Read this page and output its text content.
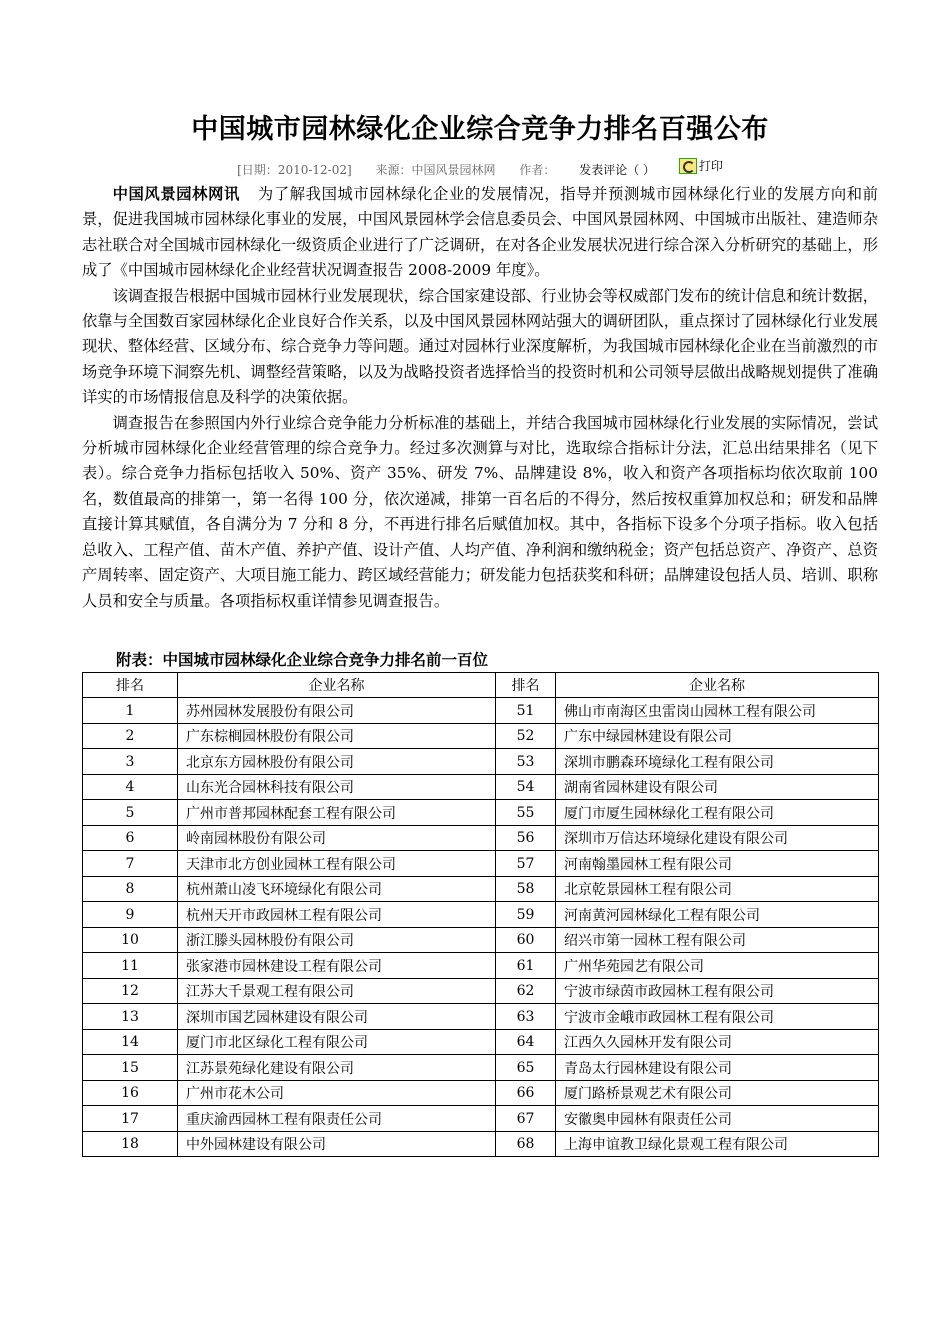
中国城市园林绿化企业综合竞争力排名百强公布
[日期：2010-12-02] 来源：中国风景园林网 作者： 发表评论（ ）	打印

中国风景园林网讯 为了解我国城市园林绿化企业的发展情况，指导并预测城市园林绿化行业的发展方向和前景，促进我国城市园林绿化事业的发展，中国风景园林学会信息委员会、中国风景园林网、中国城市出版社、建造师杂志社联合对全国城市园林绿化一级资质企业进行了广泛调研，在对各企业发展状况进行综合深入分析研究的基础上，形成了《中国城市园林绿化企业经营状况调查报告 2008-2009 年度》。

该调查报告根据中国城市园林行业发展现状，综合国家建设部、行业协会等权威部门发布的统计信息和统计数据，依靠与全国数百家园林绿化企业良好合作关系，以及中国风景园林网站强大的调研团队，重点探讨了园林绿化行业发展现状、整体经营、区域分布、综合竞争力等问题。通过对园林行业深度解析，为我国城市园林绿化企业在当前激烈的市场竞争环境下洞察先机、调整经营策略，以及为战略投资者选择恰当的投资时机和公司领导层做出战略规划提供了准确详实的市场情报信息及科学的决策依据。

调查报告在参照国内外行业综合竞争能力分析标准的基础上，并结合我国城市园林绿化行业发展的实际情况，尝试分析城市园林绿化企业经营管理的综合竞争力。经过多次测算与对比，选取综合指标计分法，汇总出结果排名（见下表）。综合竞争力指标包括收入 50%、资产 35%、研发 7%、品牌建设 8%，收入和资产各项指标均依次取前 100 名，数值最高的排第一，第一名得 100 分，依次递减，排第一百名后的不得分，然后按权重算加权总和；研发和品牌直接计算其赋值，各自满分为 7 分和 8 分，不再进行排名后赋值加权。其中，各指标下设多个分项子指标。收入包括总收入、工程产值、苗木产值、养护产值、设计产值、人均产值、净利润和缴纳税金；资产包括总资产、净资产、总资产周转率、固定资产、大项目施工能力、跨区域经营能力；研发能力包括获奖和科研；品牌建设包括人员、培训、职称人员和安全与质量。各项指标权重详情参见调查报告。

附表：中国城市园林绿化企业综合竞争力排名前一百位
排名	企业名称	排名	企业名称
1	苏州园林发展股份有限公司	51	佛山市南海区虫雷岗山园林工程有限公司
2	广东棕榈园林股份有限公司	52	广东中绿园林建设有限公司
3	北京东方园林股份有限公司	53	深圳市鹏森环境绿化工程有限公司
4	山东光合园林科技有限公司	54	湖南省园林建设有限公司
5	广州市普邦园林配套工程有限公司	55	厦门市厦生园林绿化工程有限公司
6	岭南园林股份有限公司	56	深圳市万信达环境绿化建设有限公司
7	天津市北方创业园林工程有限公司	57	河南翰墨园林工程有限公司
8	杭州萧山凌飞环境绿化有限公司	58	北京乾景园林工程有限公司
9	杭州天开市政园林工程有限公司	59	河南黄河园林绿化工程有限公司
10	浙江滕头园林股份有限公司	60	绍兴市第一园林工程有限公司
11	张家港市园林建设工程有限公司	61	广州华苑园艺有限公司
12	江苏大千景观工程有限公司	62	宁波市绿茵市政园林工程有限公司
13	深圳市国艺园林建设有限公司	63	宁波市金峨市政园林工程有限公司
14	厦门市北区绿化工程有限公司	64	江西久久园林开发有限公司
15	江苏景苑绿化建设有限公司	65	青岛太行园林建设有限公司
16	广州市花木公司	66	厦门路桥景观艺术有限公司
17	重庆渝西园林工程有限责任公司	67	安徽奥申园林有限责任公司
18	中外园林建设有限公司	68	上海申谊教卫绿化景观工程有限公司
